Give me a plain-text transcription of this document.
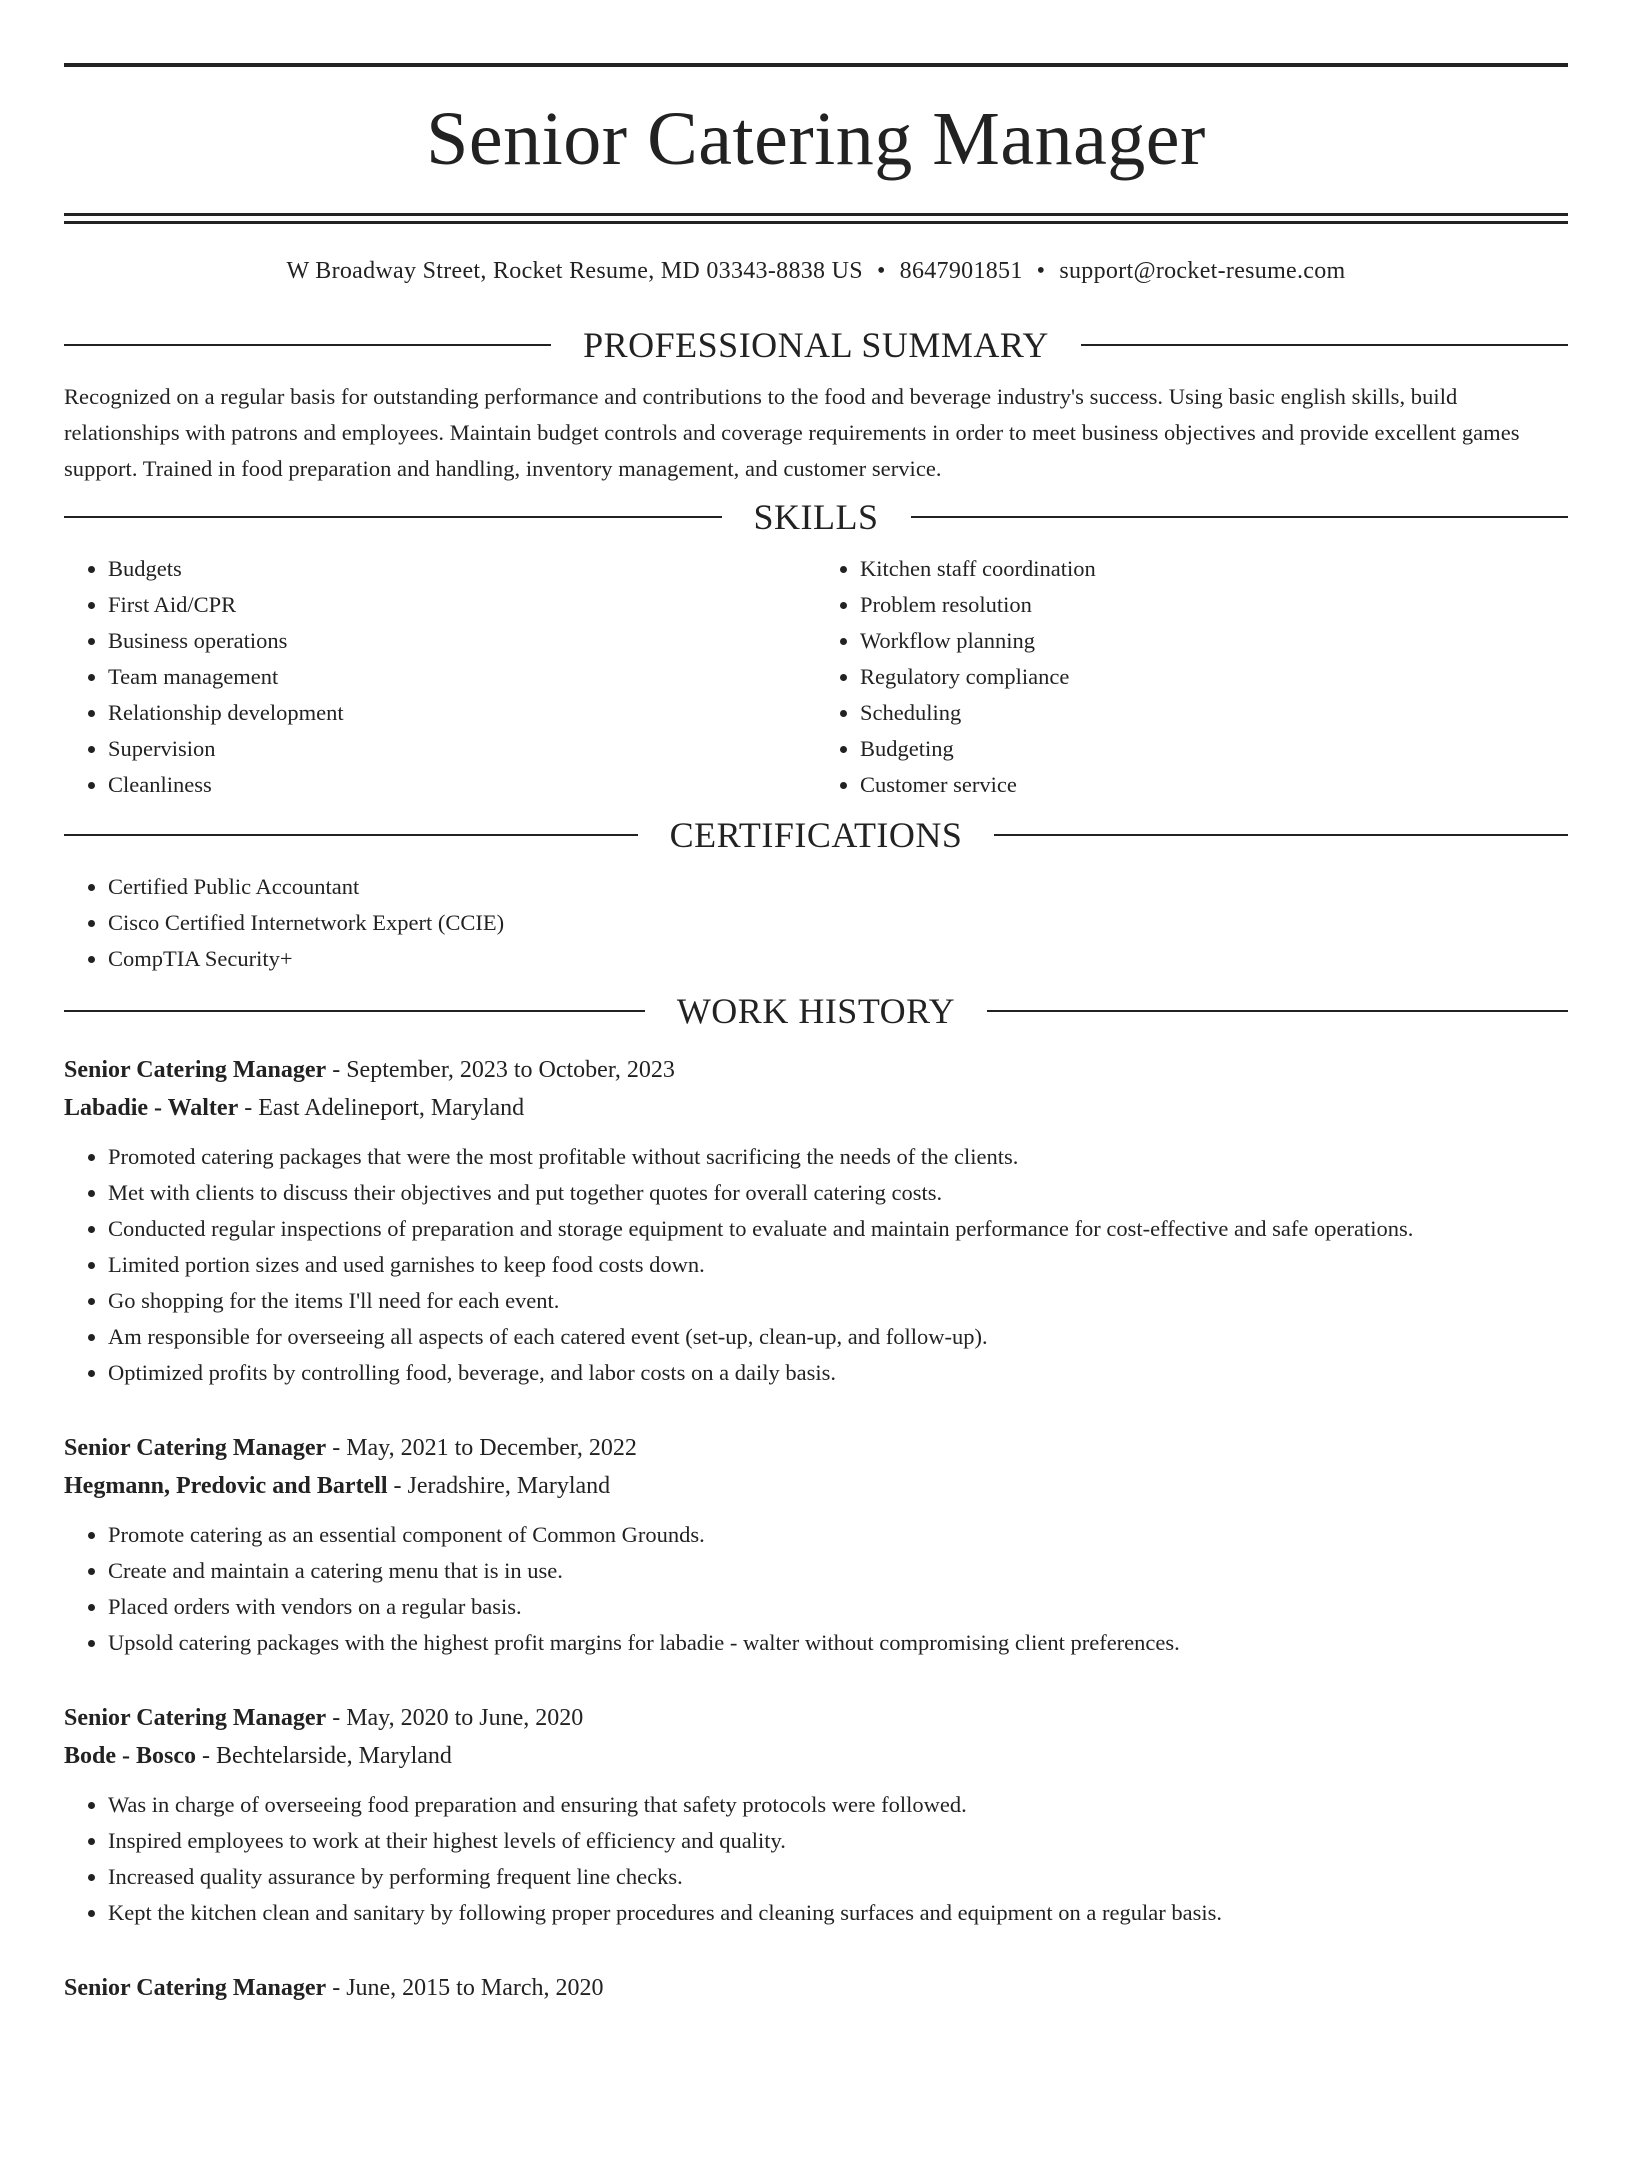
Senior Catering Manager
W Broadway Street, Rocket Resume, MD 03343-8838 US • 8647901851 • support@rocket-resume.com
PROFESSIONAL SUMMARY
Recognized on a regular basis for outstanding performance and contributions to the food and beverage industry's success. Using basic english skills, build relationships with patrons and employees. Maintain budget controls and coverage requirements in order to meet business objectives and provide excellent games support. Trained in food preparation and handling, inventory management, and customer service.
SKILLS
• Budgets
• First Aid/CPR
• Business operations
• Team management
• Relationship development
• Supervision
• Cleanliness
• Kitchen staff coordination
• Problem resolution
• Workflow planning
• Regulatory compliance
• Scheduling
• Budgeting
• Customer service
CERTIFICATIONS
• Certified Public Accountant
• Cisco Certified Internetwork Expert (CCIE)
• CompTIA Security+
WORK HISTORY
Senior Catering Manager - September, 2023 to October, 2023
Labadie - Walter - East Adelineport, Maryland
• Promoted catering packages that were the most profitable without sacrificing the needs of the clients.
• Met with clients to discuss their objectives and put together quotes for overall catering costs.
• Conducted regular inspections of preparation and storage equipment to evaluate and maintain performance for cost-effective and safe operations.
• Limited portion sizes and used garnishes to keep food costs down.
• Go shopping for the items I'll need for each event.
• Am responsible for overseeing all aspects of each catered event (set-up, clean-up, and follow-up).
• Optimized profits by controlling food, beverage, and labor costs on a daily basis.
Senior Catering Manager - May, 2021 to December, 2022
Hegmann, Predovic and Bartell - Jeradshire, Maryland
• Promote catering as an essential component of Common Grounds.
• Create and maintain a catering menu that is in use.
• Placed orders with vendors on a regular basis.
• Upsold catering packages with the highest profit margins for labadie - walter without compromising client preferences.
Senior Catering Manager - May, 2020 to June, 2020
Bode - Bosco - Bechtelarside, Maryland
• Was in charge of overseeing food preparation and ensuring that safety protocols were followed.
• Inspired employees to work at their highest levels of efficiency and quality.
• Increased quality assurance by performing frequent line checks.
• Kept the kitchen clean and sanitary by following proper procedures and cleaning surfaces and equipment on a regular basis.
Senior Catering Manager - June, 2015 to March, 2020
